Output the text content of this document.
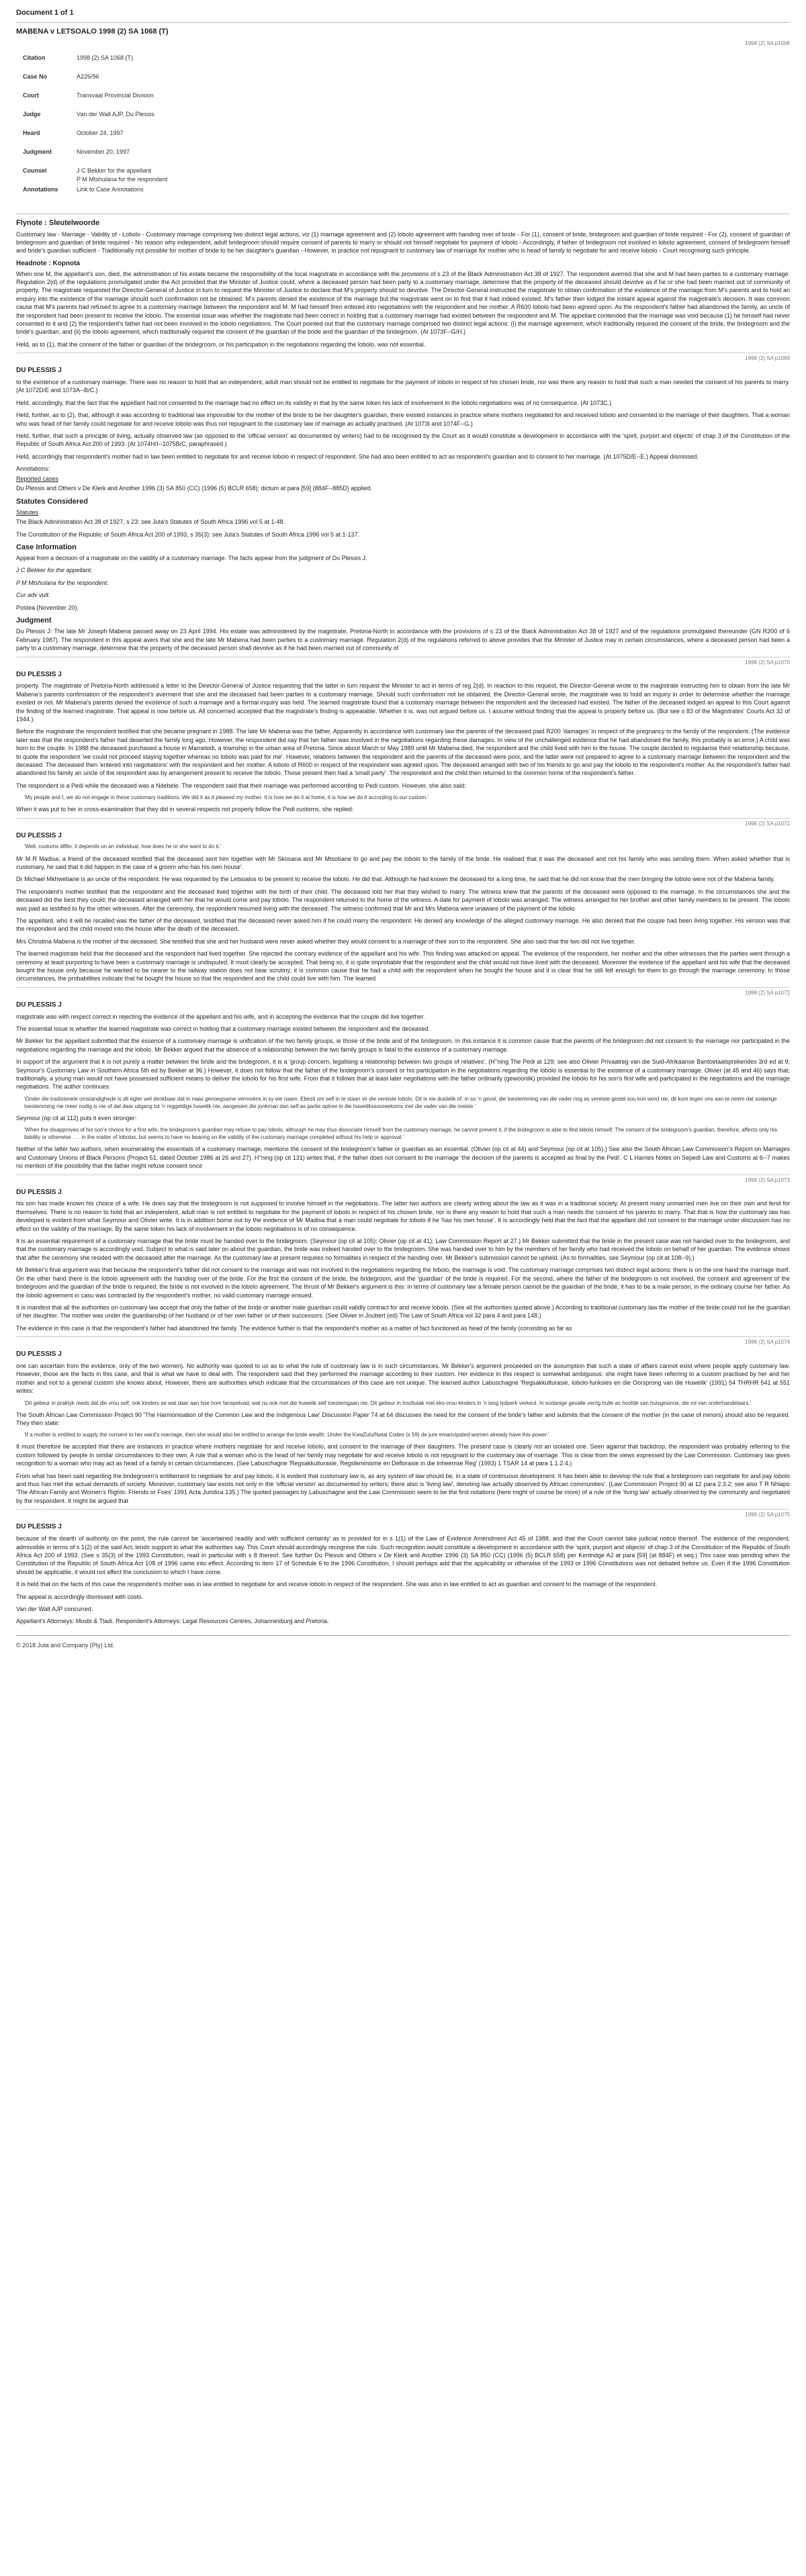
Document 1 of 1
MABENA v LETSOALO 1998 (2) SA 1068 (T)
1998 (2) SA p1068
Citation	1998 (2) SA 1068 (T)
Case No	A226/96
Court	Transvaal Provincial Division
Judge	Van der Walt AJP, Du Plessis
Heard	October 24, 1997
Judgment	November 20, 1997
Counsel	J C Bekker for the appellant
P M Mtshulana for the respondent
Annotations	Link to Case Annotations
Flynote : Sleutelwoorde

Customary law - Marriage - Validity of - Lobolo - Customary marriage comprising two distinct legal actions, viz (1) marriage agreement and (2) lobolo agreement with handing over of bride - For (1), consent of bride, bridegroom and guardian of bride required - For (2), consent of guardian of bridegroom and guardian of bride required - No reason why independent, adult bridegroom should require consent of parents to marry or should not himself negotiate for payment of lobolo - Accordingly, if father of bridegroom not involved in lobolo agreement, consent of bridegroom himself and bride's guardian sufficient - Traditionally not possible for mother of bride to be her daughter's guardian - However, in practice not repugnant to customary law of marriage for mother who is head of family to negotiate for and receive lobolo - Court recognising such principle.

Headnote : Kopnota

When one M, the appellant's son, died, the administration of his estate became the responsibility of the local magistrate in accordance with the provisions of s 23 of the Black Administration Act 38 of 1927. The respondent averred that she and M had been parties to a customary marriage. Regulation 2(d) of the regulations promulgated under the Act provided that the Minister of Justice could, where a deceased person had been party to a customary marriage, determine that the property of the deceased should devolve as if he or she had been married out of community of property. The magistrate requested the Director-General of Justice in turn to request the Minister of Justice to declare that M's property should so devolve. The Director-General instructed the magistrate to obtain confirmation of the existence of the marriage from M's parents and to hold an enquiry into the existence of the marriage should such confirmation not be obtained. M's parents denied the existence of the marriage but the magistrate went on to find that it had indeed existed. M's father then lodged the instant appeal against the magistrate's decision. It was common cause that M's parents had refused to agree to a customary marriage between the respondent and M. M had himself then entered into negotiations with the respondent and her mother. A R600 lobolo had been agreed upon. As the respondent's father had abandoned the family, an uncle of the respondent had been present to receive the lobolo. The essential issue was whether the magistrate had been correct in holding that a customary marriage had existed between the respondent and M. The appellant contended that the marriage was void because (1) he himself had never consented to it and (2) the respondent's father had not been involved in the lobolo negotiations. The Court pointed out that the customary marriage comprised two distinct legal actions: (i) the marriage agreement, which traditionally required the consent of the bride, the bridegroom and the bride's guardian, and (ii) the lobolo agreement, which traditionally required the consent of the guardian of the bride and the guardian of the bridegroom. (At 1073F--G/H.)

Held, as to (1), that the consent of the father or guardian of the bridegroom, or his participation in the negotiations regarding the lobolo, was not essential.

1998 (2) SA p1069
DU PLESSIS J

to the existence of a customary marriage. There was no reason to hold that an independent, adult man should not be entitled to negotiate for the payment of lobolo in respect of his chosen bride, nor was there any reason to hold that such a man needed the consent of his parents to marry. (At 1072D/E and 1073A--B/C.)

Held, accordingly, that the fact that the appellant had not consented to the marriage had no effect on its validity in that by the same token his lack of involvement in the lobolo negotiations was of no consequence. (At 1073C.)

Held, further, as to (2), that, although it was according to traditional law impossible for the mother of the bride to be her daughter's guardian, there existed instances in practice where mothers negotiated for and received lobolo and consented to the marriage of their daughters. That a woman who was head of her family could negotiate for and receive lobolo was thus not repugnant to the customary law of marriage as actually practised. (At 1073I and 1074F--G.)

Held, further, that such a principle of living, actually observed law (as opposed to the 'official version' as documented by writers) had to be recognised by the Court as it would constitute a development in accordance with the 'spirit, purport and objects' of chap 3 of the Constitution of the Republic of South Africa Act 200 of 1993. (At 1074H/I--1075B/C, paraphrased.)

Held, accordingly that respondent's mother had in law been entitled to negotiate for and receive lobolo in respect of respondent. She had also been entitled to act as respondent's guardian and to consent to her marriage. (At 1075D/E--E.) Appeal dismissed.

Annotations:
Reported cases

Du Plessis and Others v De Klerk and Another 1996 (3) SA 850 (CC) (1996 (5) BCLR 658): dictum at para [59] (884F--885D) applied.

Statutes Considered
Statutes

The Black Administration Act 38 of 1927, s 23: see Juta's Statutes of South Africa 1996 vol 5 at 1-48.

The Constitution of the Republic of South Africa Act 200 of 1993, s 35(3): see Juta's Statutes of South Africa 1996 vol 5 at 1-137.

Case Information

Appeal from a decision of a magistrate on the validity of a customary marriage. The facts appear from the judgment of Du Plessis J.

J C Bekker for the appellant.

P M Mtshulana for the respondent.

Cur adv vult.

Postea (November 20).

Judgment

Du Plessis J: The late Mr Joseph Mabena passed away on 23 April 1994. His estate was administered by the magistrate, Pretoria-North in accordance with the provisions of s 23 of the Black Administration Act 38 of 1927 and of the regulations promulgated thereunder (GN R200 of 6 February 1987). The respondent in this appeal avers that she and the late Mr Mabena had been parties to a customary marriage. Regulation 2(d) of the regulations referred to above provides that the Minister of Justice may in certain circumstances, where a deceased person had been a party to a customary marriage, determine that the property of the deceased person shall devolve as if he had been married out of community of

1998 (2) SA p1070
DU PLESSIS J

property. The magistrate of Pretoria-North addressed a letter to the Director-General of Justice requesting that the latter in turn request the Minister to act in terms of reg 2(d). In reaction to this request, the Director-General wrote to the magistrate instructing him to obtain from the late Mr Mabena's parents confirmation of the respondent's averment that she and the deceased had been parties to a customary marriage. Should such confirmation not be obtained, the Director-General wrote, the magistrate was to hold an inquiry in order to determine whether the marriage existed or not. Mr Mabena's parents denied the existence of such a marriage and a formal inquiry was held. The learned magistrate found that a customary marriage between the respondent and the deceased had existed. The father of the deceased lodged an appeal to this Court against the finding of the learned magistrate. That appeal is now before us. All concerned accepted that the magistrate's finding is appealable. Whether it is, was not argued before us. I assume without finding that the appeal is properly before us. (But see s 83 of the Magistrates' Courts Act 32 of 1944.)

Before the magistrate the respondent testified that she became pregnant in 1988. The late Mr Mabena was the father. Apparently in accordance with customary law the parents of the deceased paid R200 'damages' in respect of the pregnancy to the family of the respondent. (The evidence later was that the respondent's father had deserted the family long ago. However, the respondent did say that her father was involved in the negotiations regarding these damages. In view of the unchallenged evidence that he had abandoned the family, this probably is an error.) A child was born to the couple. In 1988 the deceased purchased a house in Mamelodi, a township in the urban area of Pretoria. Since about March or May 1989 until Mr Mabena died, the respondent and the child lived with him in the house. The couple decided to regularise their relationship because, to quote the respondent 'we could not proceed staying together whereas no lobolo was paid for me'. However, relations between the respondent and the parents of the deceased were poor, and the latter were not prepared to agree to a customary marriage between the respondent and the deceased. The deceased then 'entered into negotiations' with the respondent and her mother. A lobolo of R600 in respect of the respondent was agreed upon. The deceased arranged with two of his friends to go and pay the lobolo to the respondent's mother. As the respondent's father had abandoned his family an uncle of the respondent was by arrangement present to receive the lobolo. Those present then had a 'small party'. The respondent and the child then returned to the common home of the respondent's father.

The respondent is a Pedi while the deceased was a Ndebele. The respondent said that their marriage was performed according to Pedi custom. However, she also said:

'My people and I, we do not engage in these customary traditions. We did it as it pleased my mother. It is how we do it at home, it is how we do it according to our custom.'

When it was put to her in cross-examination that they did in several respects not properly follow the Pedi customs, she replied:

1998 (2) SA p1071
DU PLESSIS J
'Well, customs differ, it depends on an individual, how does he or she want to do it.'

Mr M R Madisa, a friend of the deceased testified that the deceased sent him together with Mr Skosana and Mr Mtsobane to go and pay the lobolo to the family of the bride. He realised that it was the deceased and not his family who was sending them. When asked whether that is customary, he said that it did happen in the case of a groom who has his own house'.

Dr Michael Mkhwebane is an uncle of the respondent. He was requested by the Letsoalos to be present to receive the lobolo. He did that. Although he had known the deceased for a long time, he said that he did not know that the men bringing the lobolo were not of the Mabena family.

The respondent's mother testified that the respondent and the deceased lived together with the birth of their child. The deceased told her that they wished to marry. The witness knew that the parents of the deceased were opposed to the marriage. In the circumstances she and the deceased did the best they could; the deceased arranged with her that he would come and pay lobolo. The respondent returned to the home of the witness. A date for payment of lobolo was arranged. The witness arranged for her brother and other family members to be present. The lobolo was paid as testified to by the other witnesses. After the ceremony, the respondent resumed living with the deceased. The witness confirmed that Mr and Mrs Mabena were unaware of the payment of the lobolo.

The appellant, who it will be recalled was the father of the deceased, testified that the deceased never asked him if he could marry the respondent. He denied any knowledge of the alleged customary marriage. He also denied that the couple had been living together. His version was that the respondent and the child moved into the house after the death of the deceased.

Mrs Christina Mabena is the mother of the deceased. She testified that she and her husband were never asked whether they would consent to a marriage of their son to the respondent. She also said that the two did not live together.

The learned magistrate held that the deceased and the respondent had lived together. She rejected the contrary evidence of the appellant and his wife. This finding was attacked on appeal. The evidence of the respondent, her mother and the other witnesses that the parties went through a ceremony at least purporting to have been a customary marriage is undisputed. It must clearly be accepted. That being so, it is quite improbable that the respondent and the child would not have lived with the deceased. Moreover the evidence of the appellant and his wife that the deceased bought the house only because he wanted to be nearer to the railway station does not bear scrutiny; it is common cause that he had a child with the respondent when he bought the house and it is clear that he still felt enough for them to go through the marriage ceremony. In those circumstances, the probabilities indicate that he bought the house so that the respondent and the child could live with him. The learned

1998 (2) SA p1072
DU PLESSIS J

magistrate was with respect correct in rejecting the evidence of the appellant and his wife, and in accepting the evidence that the couple did live together.

The essential issue is whether the learned magistrate was correct in holding that a customary marriage existed between the respondent and the deceased.

Mr Bekker for the appellant submitted that the essence of a customary marriage is unification of the two family groups, ie those of the bride and of the bridegroom. In this instance it is common cause that the parents of the bridegroom did not consent to the marriage nor participated in the negotiations regarding the marriage and the lobolo. Mr Bekker argued that the absence of a relationship between the two family groups is fatal to the existence of a customary marriage.

In support of the argument that it is not purely a matter between the bride and the bridegroom, it is a 'group concern, legalising a relationship between two groups of relatives'. (H''ning The Pedi at 129; see also Olivier Privaatreg van die Suid-Afrikaanse Bantoetaalsprekendes 3rd ed at 9; Seymour's Customary Law in Southern Africa 5th ed by Bekker at 96.) However, it does not follow that the father of the bridegroom's consent or his participation in the negotiations regarding the lobolo is essential to the existence of a customary marriage. Olivier (at 45 and 46) says that, traditionally, a young man would not have possessed sufficient means to deliver the lobolo for his first wife. From that it follows that at least later negotiations with the father ordinarily (gewoonlik) provided the lobolo for his son's first wife and participated in the negotiations and the marriage negotiations. The author continues:

'Onder die tradisionele omstandighede is dit egter wel denkbaar dat in naas genoegsame vermoëns in sy eie naam. Ebesit om self in te staan vir die vereiste lobolo. Dit is nie duidelik of, in so 'n geval, die toestemming van die vader nog as vereiste gestel sou kon word nie, dit kom tegen ons aan te neem dat sodanige toestemming nie meer nodig is nie of dat daar uitgang tot 'n reggeldige huwelik nie, aangesien die jonkman dan self as partie optree in die huwelikssooreekoms met die vader van die meisie.'

Seymour (op cit at 112) puts it even stronger:

'When the disapproves of his son's choice for a first wife, the bridegroom's guardian may refuse to pay lobolo, although he may thus dissociate himself from the customary marriage, he cannot prevent it, if the bridegroom is able to find lobolo himself. The consent of the bridegroom's guardian, therefore, affects only his liability or otherwise . . . in the matter of lobolos, but seems to have no bearing on the validity of the customary marriage completed without his help or approval.'

Neither of the latter two authors, when enumerating the essentials of a customary marriage, mentions the consent of the bridegroom's father or guardian as an essential. (Olivier (op cit at 44) and Seymour (op cit at 105).) See also the South African Law Commission's Report on Marriages and Customary Unions of Black Persons (Project 51, dated October 1986 at 26 and 27). H''ning (op cit 131) writes that, if the father does not consent to the marriage 'the decision of the parents is accepted as final by the Pedi'. C L Harries Notes on Sepedi Law and Customs at 6--7 makes no mention of the possibility that the father might refuse consent once

1998 (2) SA p1073
DU PLESSIS J

his son has made known his choice of a wife. He does say that the bridegroom is not supposed to involve himself in the negotiations. The latter two authors are clearly writing about the law as it was in a traditional society. At present many unmarried men live on their own and fend for themselves. There is no reason to hold that an independent, adult man is not entitled to negotiate for the payment of lobolo in respect of his chosen bride, nor is there any reason to hold that such a man needs the consent of his parents to marry. That that is how the customary law has developed is evident from what Seymour and Olivier write. It is in addition borne out by the evidence of Mr Madisa that a man could negotiate for lobolo if he 'has his own house'. It is accordingly held that the fact that the appellant did not consent to the marriage under discussion has no effect on the validity of the marriage. By the same token his lack of involvement in the lobolo negotiations is of no consequence.

It is an essential requirement of a customary marriage that the bride must be handed over to the bridegroom. (Seymour (op cit at 105); Olivier (op cit at 41); Law Commission Report at 27.) Mr Bekker submitted that the bride in the present case was not handed over to the bridegroom, and that the customary marriage is accordingly void. Subject to what is said later on about the guardian, the bride was indeed handed over to the bridegroom. She was handed over to him by the members of her family who had received the lobolo on behalf of her guardian. The evidence shows that after the ceremony she resided with the deceased after the marriage. As the customary law at present requires no formalities in respect of the handing over, Mr Bekker's submission cannot be upheld. (As to formalities, see Seymour (op cit at 108--9).)

Mr Bekker's final argument was that because the respondent's father did not consent to the marriage and was not involved in the negotiations regarding the lobolo, the marriage is void. The customary marriage comprises two distinct legal actions: there is on the one hand the marriage itself. On the other hand there is the lobolo agreement with the handing over of the bride. For the first the consent of the bride, the bridegroom, and the 'guardian' of the bride is required. For the second, where the father of the bridegroom is not involved, the consent and agreement of the bridegroom and the guardian of the bride is required, the bride is not involved in the lobolo agreement. The thrust of Mr Bekker's argument is this: in terms of customary law a female person cannot be the guardian of the bride, it has to be a male person, in the ordinary course her father. As the lobolo agreement in casu was contracted by the respondent's mother, no valid customary marriage ensued.

It is manifest that all the authorities on customary law accept that only the father of the bride or another male guardian could validly contract for and receive lobolo. (See all the authorities quoted above.) According to traditional customary law the mother of the bride could not be the guardian of her daughter. The mother was under the guardianship of her husband or of her own father or of their successors. (See Olivier in Joubert (ed) The Law of South Africa vol 32 para 4 and para 148.)

The evidence in this case is that the respondent's father had abandoned the family. The evidence further is that the respondent's mother as a matter of fact functioned as head of the family (consisting as far as

1998 (2) SA p1074
DU PLESSIS J

one can ascertain from the evidence, only of the two women). No authority was quoted to us as to what the rule of customary law is in such circumstances. Mr Bekker's argument proceeded on the assumption that such a state of affairs cannot exist where people apply customary law. However, those are the facts in this case, and that is what we have to deal with. The respondent said that they performed the marriage according to their custom. Her evidence in this respect is somewhat ambiguous: she might have been referring to a custom practised by her and her mother and not to a general custom she knows about. However, there are authorities which indicate that the circumstances of this case are not unique. The learned author Labuschagne 'Regsakkulturasie, lobolo-funksies en die Oorsprong van die Huwelik' (1991) 54 THRHR 541 at 551 writes:

'Dit gebeur in praktyk reeds dat die vrou self, ook kinders se wat daar aan hoe hom fanspelvad, wat nu ook met die huwelik self toestemgaan nie. Dit gebeur in hoofsaak met eks-vrou kinders in 'n lang tydperk verkeul. In sodanige gevalle verrig hulle as hoofde van huisgesinne, die rol van onderhandelaars.'

The South African Law Commission Project 90 'The Harmonisation of the Common Law and the Indigenous Law' Discussion Paper 74 at 64 discusses the need for the consent of the bride's father and submits that the consent of the mother (in the case of minors) should also be required. They then state:

'If a mother is entitled to supply the consent to her ward's marriage, then she would also be entitled to arrange the bride wealth. Under the KwaZulu/Natal Codes (s 59) de jure emancipated women already have this power.'

It must therefore be accepted that there are instances in practice where mothers negotiate for and receive lobolo, and consent to the marriage of their daughters. The present case is clearly not an isolated one. Seen against that backdrop, the respondent was probably referring to the custom followed by people in similar circumstances to their own. A rule that a woman who is the head of her family may negotiate for and receive lobolo is not repugnant to the customary law of marriage. This is clear from the views expressed by the Law Commission. Customary law gives recognition to a woman who may act as head of a family in certain circumstances. (See Labuschagne 'Regsakkulturasie, Regsfeminisme en Deflorasie in die Inheemse Reg' (1993) 1 TSAR 14 at para 1.1.2.4.)

From what has been said regarding the bridegroom's entitlement to negotiate for and pay lobolo, it is evident that customary law is, as any system of law should be, in a state of continuous development. It has been able to develop the rule that a bridegroom can negotiate for and pay lobolo and thus has met the actual demands of society. Moreover, customary law exists not only in the 'official version' as documented by writers; there also is 'living law', denoting law actually observed by African communities'. (Law Commission Project 90 at 12 para 2.3.2; see also T R Nhlapo 'The African Family and Women's Rights: Friends or Foes' 1991 Acta Juridica 135.) The quoted passages by Labuschagne and the Law Commission seem to be the first notations (here might of course be more) of a rule of the 'living law' actually observed by the community and negotiated by the respondent. It might be argued that

1998 (2) SA p1075
DU PLESSIS J

because of the dearth of authority on the point, the rule cannot be 'ascertained readily and with sufficient certainty' as is provided for in s 1(1) of the Law of Evidence Amendment Act 45 of 1988, and that the Court cannot take judicial notice thereof. The evidence of the respondent, admissible in terms of s 1(2) of the said Act, lends support to what the authorities say. This Court should accordingly recognise the rule. Such recognition would constitute a development in accordance with the 'spirit, purport and objects' of chap 3 of the Constitution of the Republic of South Africa Act 200 of 1993. (See s 35(3) of the 1993 Constitution, read in particular with s 8 thereof. See further Du Plessis and Others v De Klerk and Another 1996 (3) SA 850 (CC) (1996 (5) BCLR 658) per Kentridge AJ at para [59] (at 884F) et seq.) This case was pending when the Constitution of the Republic of South Africa Act 108 of 1996 came into effect. According to item 17 of Schedule 6 to the 1996 Constitution, I should perhaps add that the applicability or otherwise of the 1993 or 1996 Constitutions was not debated before us. Even if the 1996 Constitution should be applicable, it would not affect the conclusion to which I have come.

It is held that on the facts of this case the respondent's mother was in law entitled to negotiate for and receive lobolo in respect of the respondent. She was also in law entitled to act as guardian and consent to the marriage of the respondent.

The appeal is accordingly dismissed with costs.

Van der Walt AJP concurred.

Appellant's Attorneys: Mosbi & Tladi. Respondent's Attorneys: Legal Resources Centres, Johannesburg and Pretoria.

© 2018 Juta and Company (Pty) Ltd.
